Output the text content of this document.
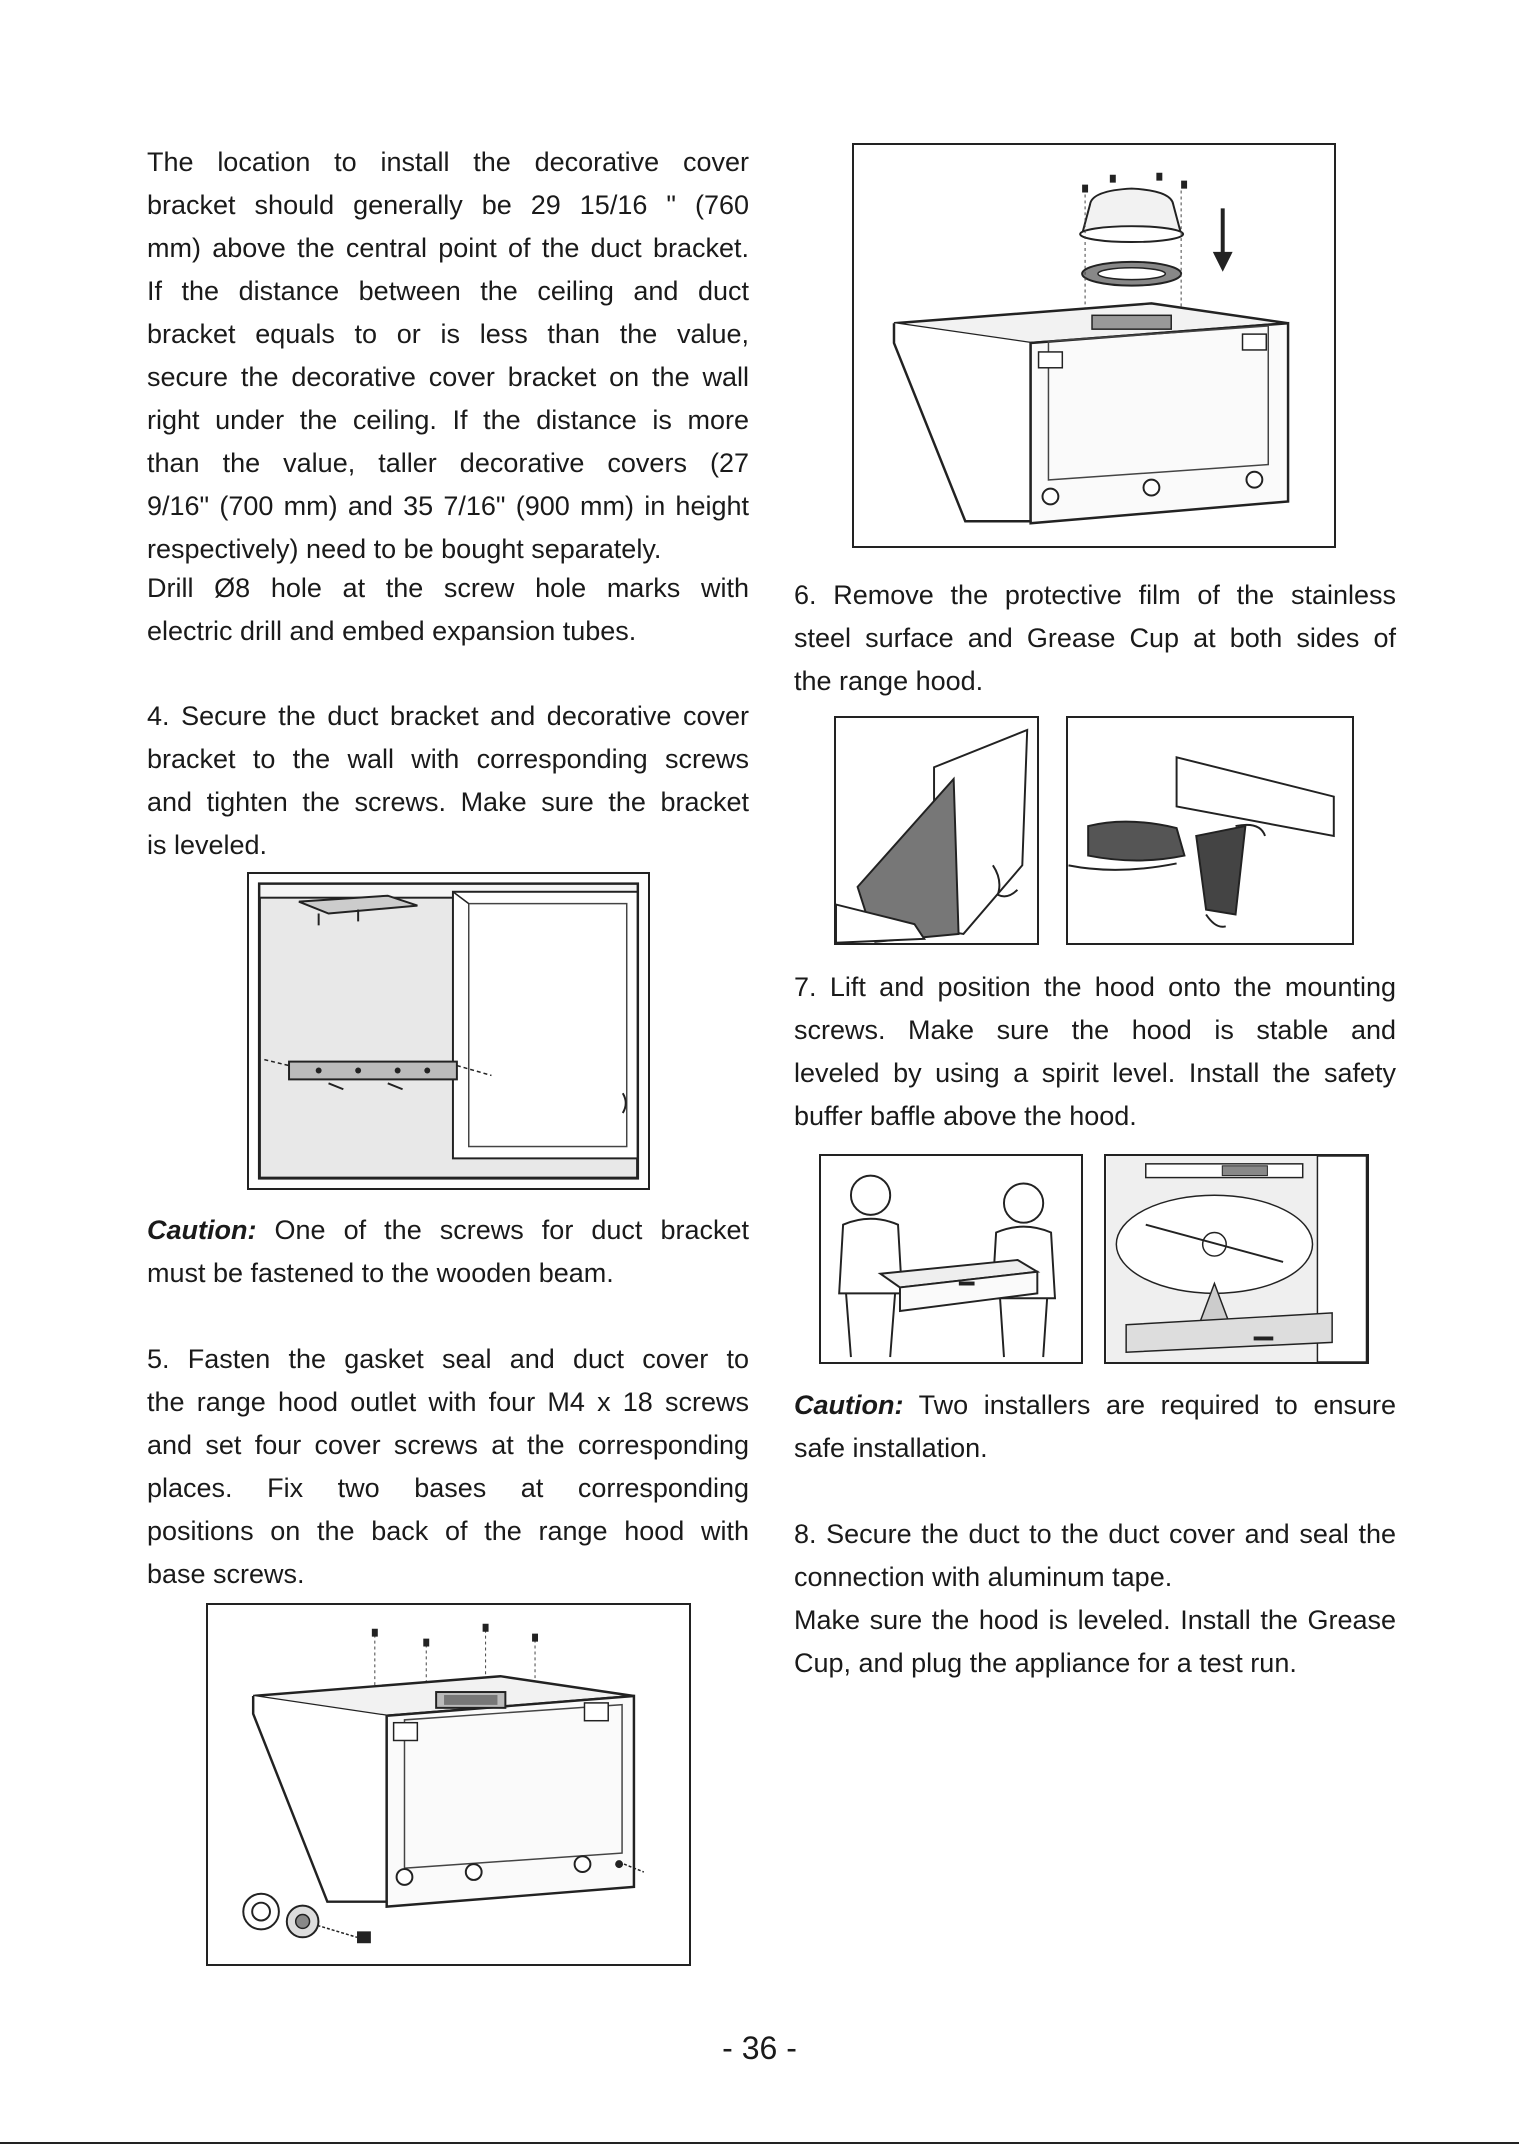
The location to install the decorative cover
bracket should generally be 29 15/16 " (760
mm) above the central point of the duct bracket.
If the distance between the ceiling and duct
bracket equals to or is less than the value,
secure the decorative cover bracket on the wall
right under the ceiling. If the distance is more
than the value, taller decorative covers (27
9/16" (700 mm) and 35 7/16" (900 mm) in height
respectively) need to be bought separately.
Drill Ø8 hole at the screw hole marks with
electric drill and embed expansion tubes.
4. Secure the duct bracket and decorative cover
bracket to the wall with corresponding screws
and tighten the screws. Make sure the bracket
is leveled.
Caution: One of the screws for duct bracket
must be fastened to the wooden beam.
5. Fasten the gasket seal and duct cover to
the range hood outlet with four M4 x 18 screws
and set four cover screws at the corresponding
places. Fix two bases at corresponding
positions on the back of the range hood with
base screws.
6. Remove the protective film of the stainless
steel surface and Grease Cup at both sides of
the range hood.
7. Lift and position the hood onto the mounting
screws. Make sure the hood is stable and
leveled by using a spirit level. Install the safety
buffer baffle above the hood.
Caution: Two installers are required to ensure
safe installation.
8. Secure the duct to the duct cover and seal the
connection with aluminum tape.
Make sure the hood is leveled. Install the Grease
Cup, and plug the appliance for a test run.
- 36 -
